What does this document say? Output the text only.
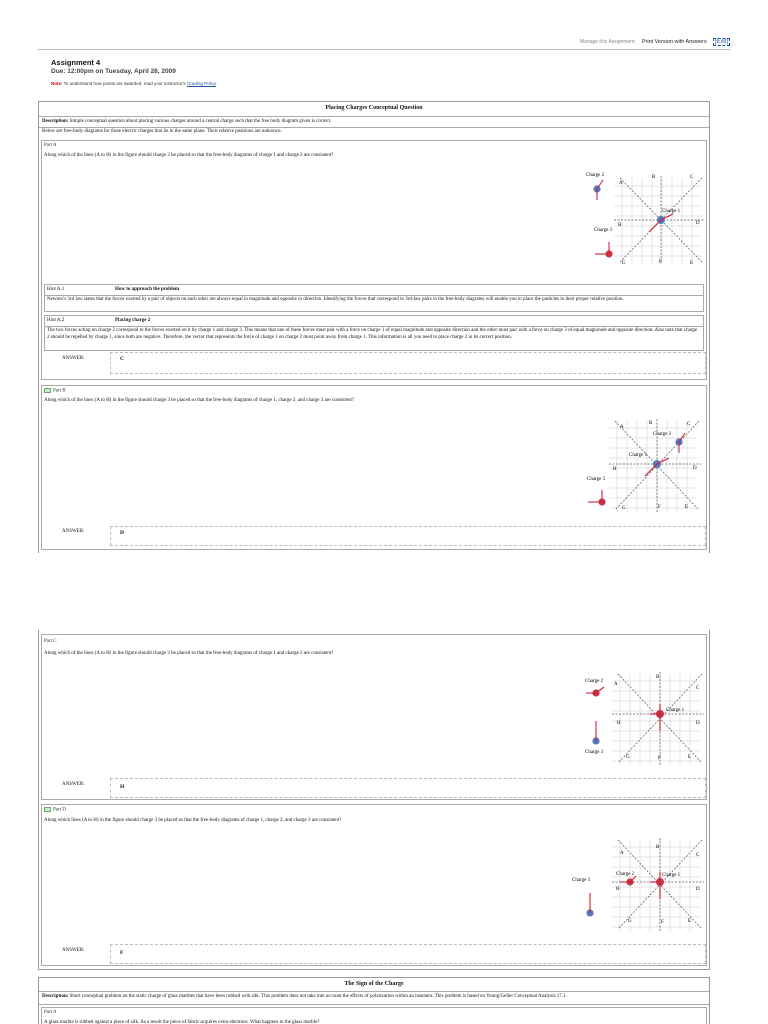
Manage this Assignment: Print Version with Answers	[Exit]
Assignment 4
Due: 12:00pm on Tuesday, April 28, 2009
Note: To understand how points are awarded, read your instructor's Grading Policy.
Placing Charges Conceptual Question
Description: Simple conceptual question about placing various charges around a central charge such that the free body diagram given is correct.
Below are free-body diagrams for three electric charges that lie in the same plane. Their relative positions are unknown.
Part A
Along which of the lines (A to H) in the figure should charge 2 be placed so that the free-body diagrams of charge 1 and charge 2 are consistent?
B	C
A
D
H
G	F	E
Charge 1
Charge 2
Charge 3
Hint A.1	How to approach the problem
Newton’s 3rd law states that the forces exerted by a pair of objects on each other are always equal in magnitude and opposite in direction. Identifying the forces that correspond to 3rd-law pairs in the free-body diagrams will enable you to place the particles in their proper relative position.
Hint A.2	Placing charge 2
The two forces acting on charge 2 correspond to the forces exerted on it by charge 1 and charge 3. This means that one of these forces must pair with a force on charge 1 of equal magnitude and opposite direction and the other must pair with a force on charge 3 of equal magnitude and opposite direction. Also note that charge 2 should be repelled by charge 1, since both are negative. Therefore, the vector that represents the force of charge 1 on charge 2 must point away from charge 1. This information is all you need to place charge 2 in its correct position.
ANSWER:	C
Part B
Along which of the lines (A to H) in the figure should charge 3 be placed so that the free-body diagrams of charge 1, charge 2, and charge 3 are consistent?
A
B	C
D
H
G	F	E
Charge 2
Charge 1
Charge 3
ANSWER:	D
Part C
Along which of the lines (A to H) in the figure should charge 2 be placed so that the free-body diagrams of charge 1 and charge 2 are consistent?
Charge 2
Charge 3
A
B
C
D
H
G	F	E
Charge 1
ANSWER:	H
Part D
Along which lines (A to H) in the figure should charge 3 be placed so that the free-body diagrams of charge 1, charge 2, and charge 3 are consistent?
Charge 3
Charge 2	Charge 1
A
B
C
D
H
G	F	E
ANSWER:	F
The Sign of the Charge
Description: Short conceptual problem on the static charge of glass marbles that have been rubbed with silk. This problem does not take into account the effects of polarization within an insulator. This problem is based on Young/Geller Conceptual Analysis 17.1.
Part A
A glass marble is rubbed against a piece of silk. As a result the piece of fabric acquires extra electrons. What happens to the glass marble?
